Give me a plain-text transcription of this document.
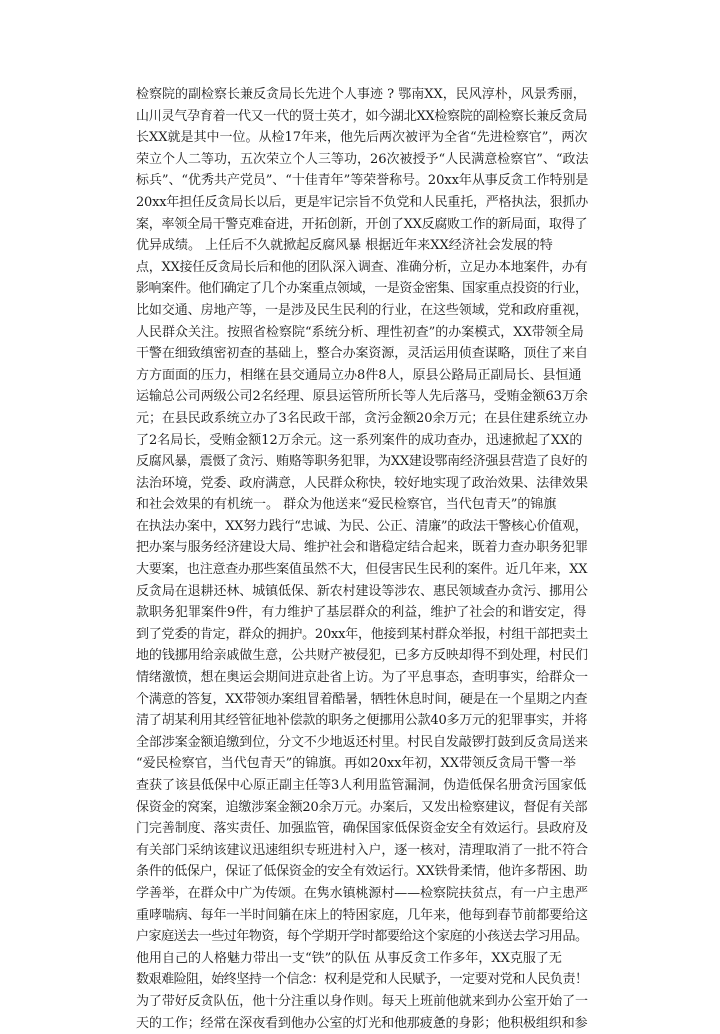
检察院的副检察长兼反贪局长先进个人事迹 ? 鄂南XX，民风淳朴，风景秀丽，
山川灵气孕育着一代又一代的贤士英才，如今湖北XX检察院的副检察长兼反贪局
长XX就是其中一位。从检17年来，他先后两次被评为全省“先进检察官”，两次
荣立个人二等功，五次荣立个人三等功，26次被授予“人民满意检察官”、“政法
标兵”、“优秀共产党员”、“十佳青年”等荣誉称号。20xx年从事反贪工作特别是
20xx年担任反贪局长以后，更是牢记宗旨不负党和人民重托，严格执法，狠抓办
案，率领全局干警克难奋进，开拓创新，开创了XX反腐败工作的新局面，取得了
优异成绩。 上任后不久就掀起反腐风暴 根据近年来XX经济社会发展的特
点，XX接任反贪局长后和他的团队深入调查、准确分析，立足办本地案件，办有
影响案件。他们确定了几个办案重点领域，一是资金密集、国家重点投资的行业，
比如交通、房地产等，一是涉及民生民利的行业，在这些领域，党和政府重视，
人民群众关注。按照省检察院“系统分析、理性初查”的办案模式，XX带领全局
干警在细致缜密初查的基础上，整合办案资源，灵活运用侦查谋略，顶住了来自
方方面面的压力，相继在县交通局立办8件8人，原县公路局正副局长、县恒通
运输总公司两级公司2名经理、原县运管所所长等人先后落马，受贿金额63万余
元；在县民政系统立办了3名民政干部，贪污金额20余万元；在县住建系统立办
了2名局长，受贿金额12万余元。这一系列案件的成功查办，迅速掀起了XX的
反腐风暴，震慑了贪污、贿赂等职务犯罪，为XX建设鄂南经济强县营造了良好的
法治环境，党委、政府满意，人民群众称快，较好地实现了政治效果、法律效果
和社会效果的有机统一。 群众为他送来“爱民检察官，当代包青天”的锦旗
在执法办案中，XX努力践行“忠诚、为民、公正、清廉”的政法干警核心价值观，
把办案与服务经济建设大局、维护社会和谐稳定结合起来，既着力查办职务犯罪
大要案，也注意查办那些案值虽然不大，但侵害民生民利的案件。近几年来，XX
反贪局在退耕还林、城镇低保、新农村建设等涉农、惠民领域查办贪污、挪用公
款职务犯罪案件9件，有力维护了基层群众的利益，维护了社会的和谐安定，得
到了党委的肯定，群众的拥护。20xx年，他接到某村群众举报，村组干部把卖土
地的钱挪用给亲戚做生意，公共财产被侵犯，已多方反映却得不到处理，村民们
情绪激愤，想在奥运会期间进京赴省上访。为了平息事态，查明事实，给群众一
个满意的答复，XX带领办案组冒着酷暑，牺牲休息时间，硬是在一个星期之内查
清了胡某利用其经管征地补偿款的职务之便挪用公款40多万元的犯罪事实，并将
全部涉案金额追缴到位，分文不少地返还村里。村民自发敲锣打鼓到反贪局送来
“爱民检察官，当代包青天”的锦旗。再如20xx年初，XX带领反贪局干警一举
查获了该县低保中心原正副主任等3人利用监管漏洞，伪造低保名册贪污国家低
保资金的窝案，追缴涉案金额20余万元。办案后，又发出检察建议，督促有关部
门完善制度、落实责任、加强监管，确保国家低保资金安全有效运行。县政府及
有关部门采纳该建议迅速组织专班进村入户，逐一核对，清理取消了一批不符合
条件的低保户，保证了低保资金的安全有效运行。XX铁骨柔情，他许多帮困、助
学善举，在群众中广为传颂。在隽水镇桃源村——检察院扶贫点，有一户主患严
重哮喘病、每年一半时间躺在床上的特困家庭，几年来，他每到春节前都要给这
户家庭送去一些过年物资，每个学期开学时都要给这个家庭的小孩送去学习用品。
他用自己的人格魅力带出一支“铁”的队伍 从事反贪工作多年，XX克服了无
数艰难险阻，始终坚持一个信念：权利是党和人民赋予，一定要对党和人民负责！
为了带好反贪队伍，他十分注重以身作则。每天上班前他就来到办公室开始了一
天的工作；经常在深夜看到他办公室的灯光和他那疲惫的身影；他积极组织和参
